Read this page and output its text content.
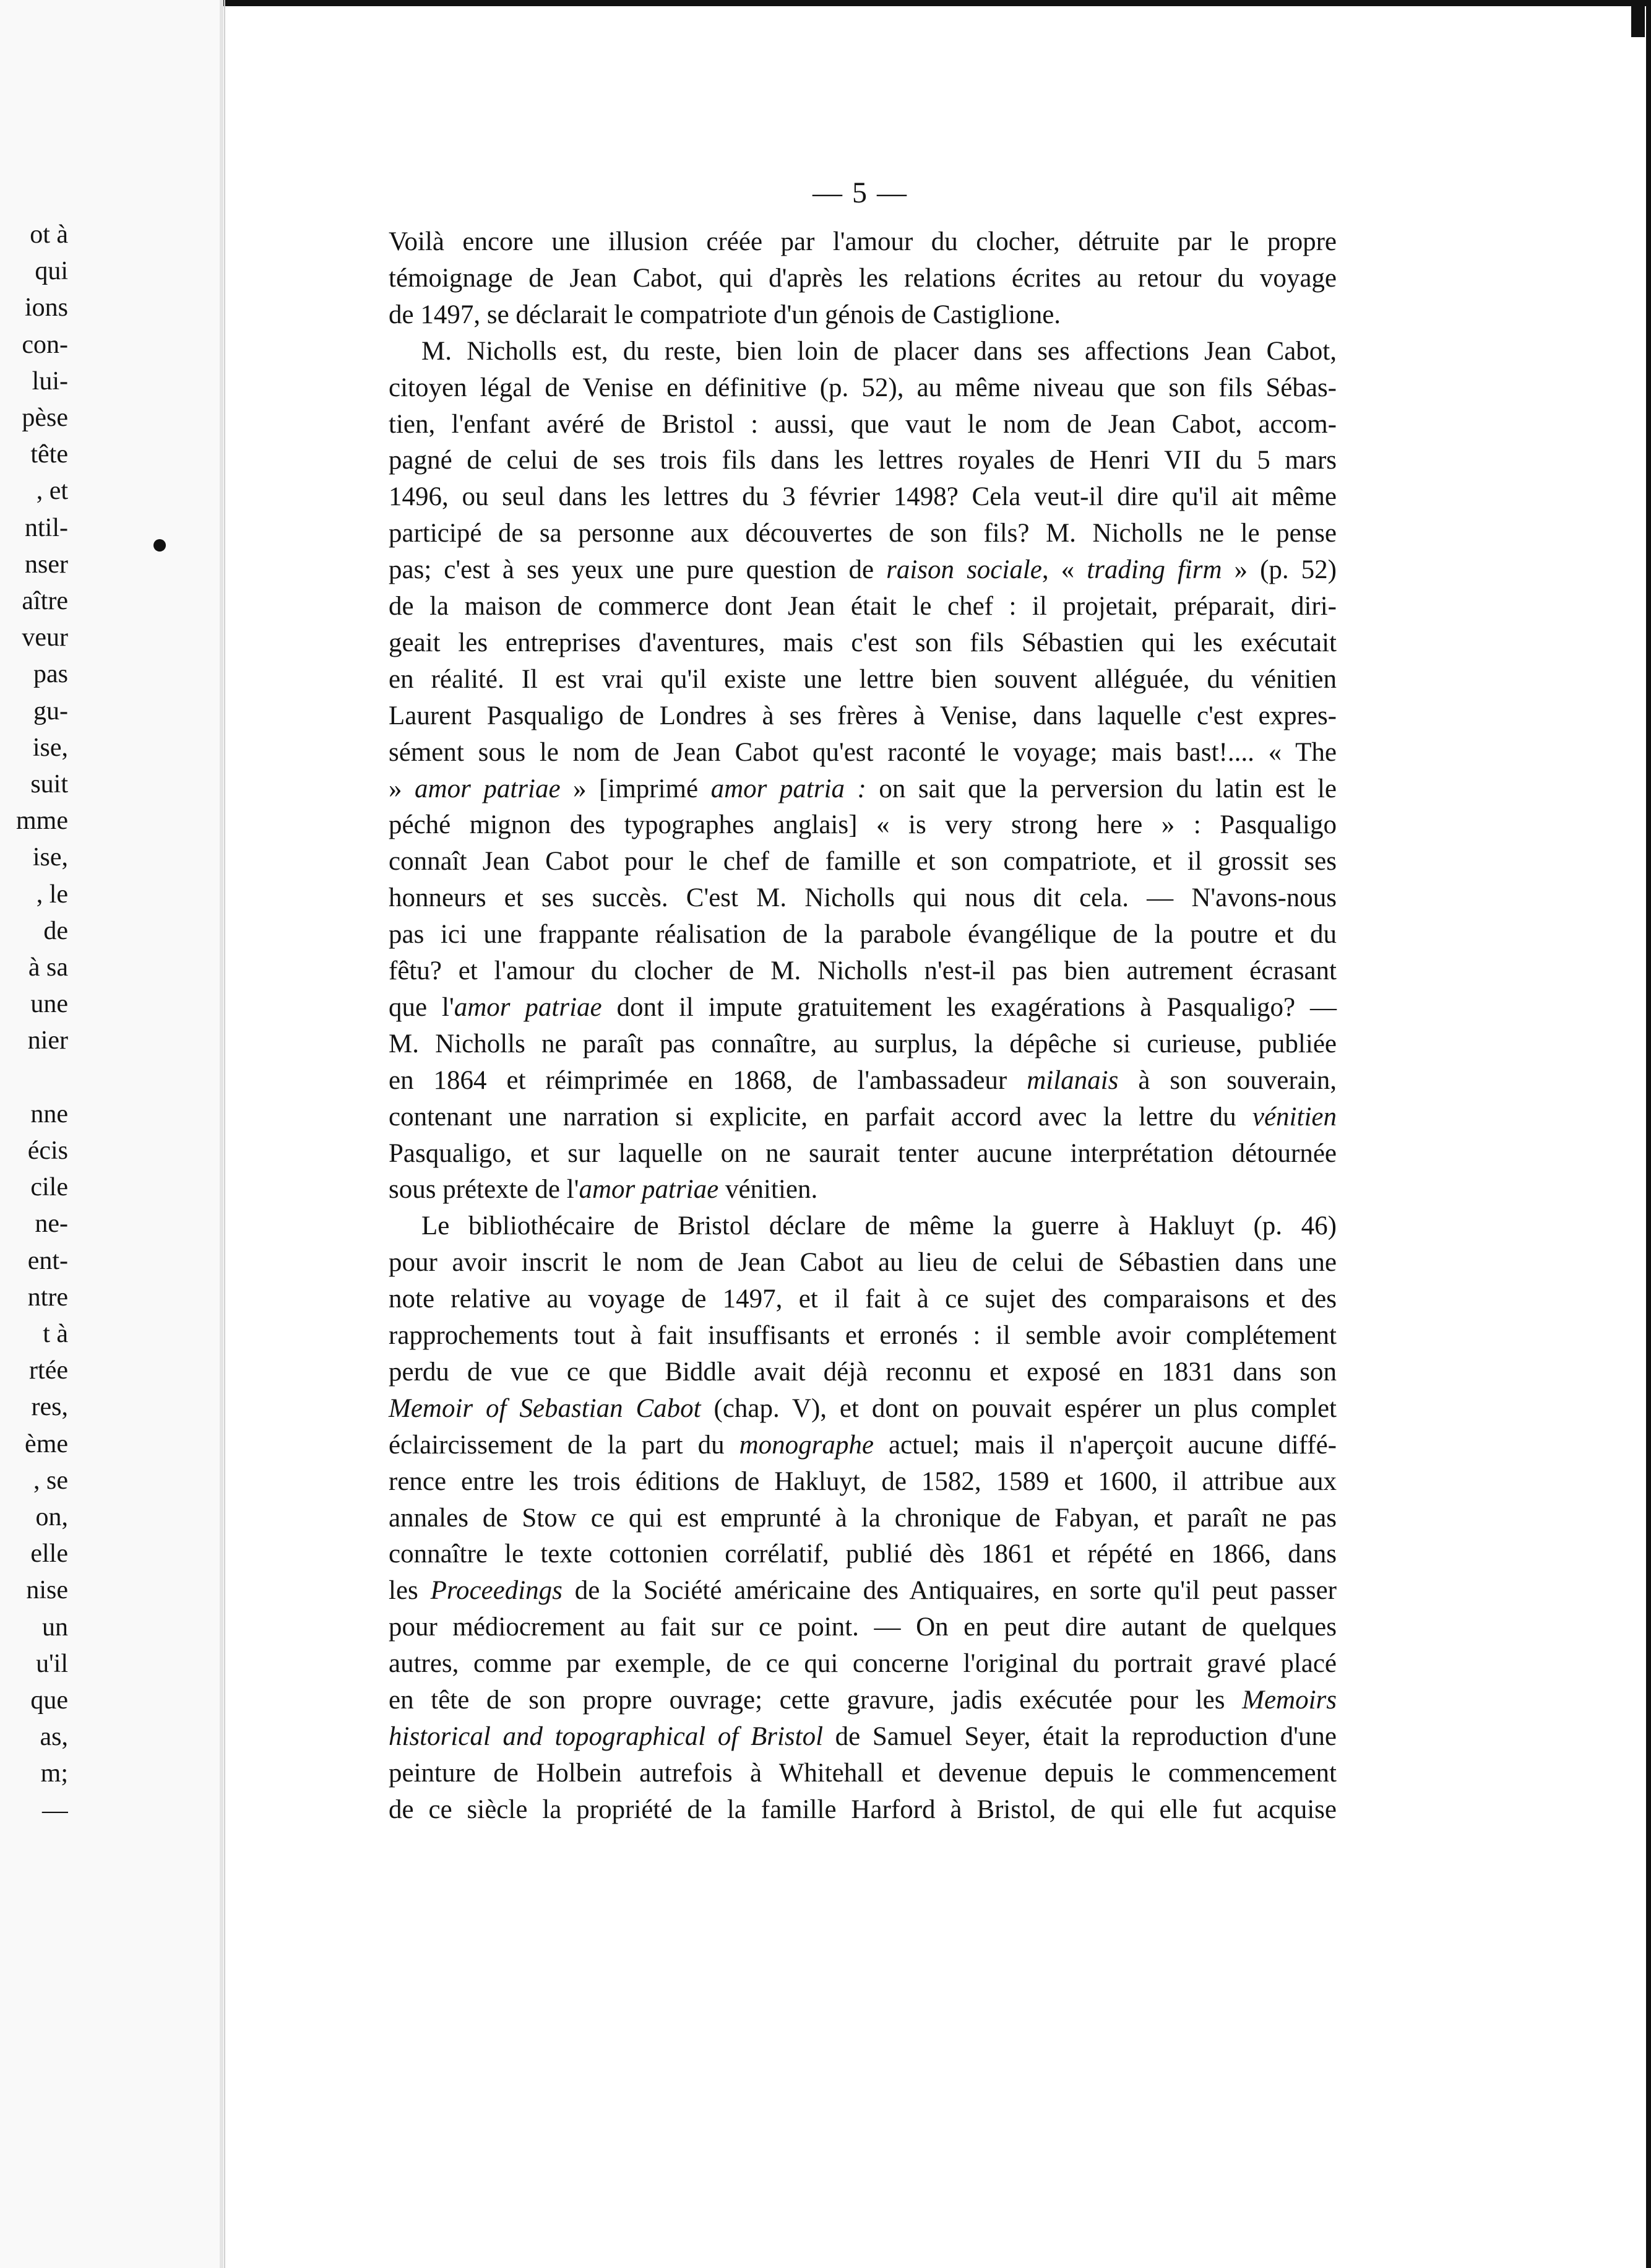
ot à
qui
ions
con-
lui-
pèse
tête
, et
ntil-
nser
aître
veur
pas
gu-
ise,
suit
mme
ise,
, le
de
à sa
une
nier
nne
écis
cile
ne-
ent-
ntre
t à
rtée
res,
ème
, se
on,
elle
nise
un
u'il
que
as,
m;
—
— 5 —
Voilà encore une illusion créée par l'amour du clocher, détruite par le propre
témoignage de Jean Cabot, qui d'après les relations écrites au retour du voyage
de 1497, se déclarait le compatriote d'un génois de Castiglione.
M. Nicholls est, du reste, bien loin de placer dans ses affections Jean Cabot,
citoyen légal de Venise en définitive (p. 52), au même niveau que son fils Sébas-
tien, l'enfant avéré de Bristol : aussi, que vaut le nom de Jean Cabot, accom-
pagné de celui de ses trois fils dans les lettres royales de Henri VII du 5 mars
1496, ou seul dans les lettres du 3 février 1498? Cela veut-il dire qu'il ait même
participé de sa personne aux découvertes de son fils? M. Nicholls ne le pense
pas; c'est à ses yeux une pure question de raison sociale, « trading firm » (p. 52)
de la maison de commerce dont Jean était le chef : il projetait, préparait, diri-
geait les entreprises d'aventures, mais c'est son fils Sébastien qui les exécutait
en réalité. Il est vrai qu'il existe une lettre bien souvent alléguée, du vénitien
Laurent Pasqualigo de Londres à ses frères à Venise, dans laquelle c'est expres-
sément sous le nom de Jean Cabot qu'est raconté le voyage; mais bast!.... « The
» amor patriae » [imprimé amor patria : on sait que la perversion du latin est le
péché mignon des typographes anglais] « is very strong here » : Pasqualigo
connaît Jean Cabot pour le chef de famille et son compatriote, et il grossit ses
honneurs et ses succès. C'est M. Nicholls qui nous dit cela. — N'avons-nous
pas ici une frappante réalisation de la parabole évangélique de la poutre et du
fêtu? et l'amour du clocher de M. Nicholls n'est-il pas bien autrement écrasant
que l'amor patriae dont il impute gratuitement les exagérations à Pasqualigo? —
M. Nicholls ne paraît pas connaître, au surplus, la dépêche si curieuse, publiée
en 1864 et réimprimée en 1868, de l'ambassadeur milanais à son souverain,
contenant une narration si explicite, en parfait accord avec la lettre du vénitien
Pasqualigo, et sur laquelle on ne saurait tenter aucune interprétation détournée
sous prétexte de l'amor patriae vénitien.
Le bibliothécaire de Bristol déclare de même la guerre à Hakluyt (p. 46)
pour avoir inscrit le nom de Jean Cabot au lieu de celui de Sébastien dans une
note relative au voyage de 1497, et il fait à ce sujet des comparaisons et des
rapprochements tout à fait insuffisants et erronés : il semble avoir complétement
perdu de vue ce que Biddle avait déjà reconnu et exposé en 1831 dans son
Memoir of Sebastian Cabot (chap. V), et dont on pouvait espérer un plus complet
éclaircissement de la part du monographe actuel; mais il n'aperçoit aucune diffé-
rence entre les trois éditions de Hakluyt, de 1582, 1589 et 1600, il attribue aux
annales de Stow ce qui est emprunté à la chronique de Fabyan, et paraît ne pas
connaître le texte cottonien corrélatif, publié dès 1861 et répété en 1866, dans
les Proceedings de la Société américaine des Antiquaires, en sorte qu'il peut passer
pour médiocrement au fait sur ce point. — On en peut dire autant de quelques
autres, comme par exemple, de ce qui concerne l'original du portrait gravé placé
en tête de son propre ouvrage; cette gravure, jadis exécutée pour les Memoirs
historical and topographical of Bristol de Samuel Seyer, était la reproduction d'une
peinture de Holbein autrefois à Whitehall et devenue depuis le commencement
de ce siècle la propriété de la famille Harford à Bristol, de qui elle fut acquise
